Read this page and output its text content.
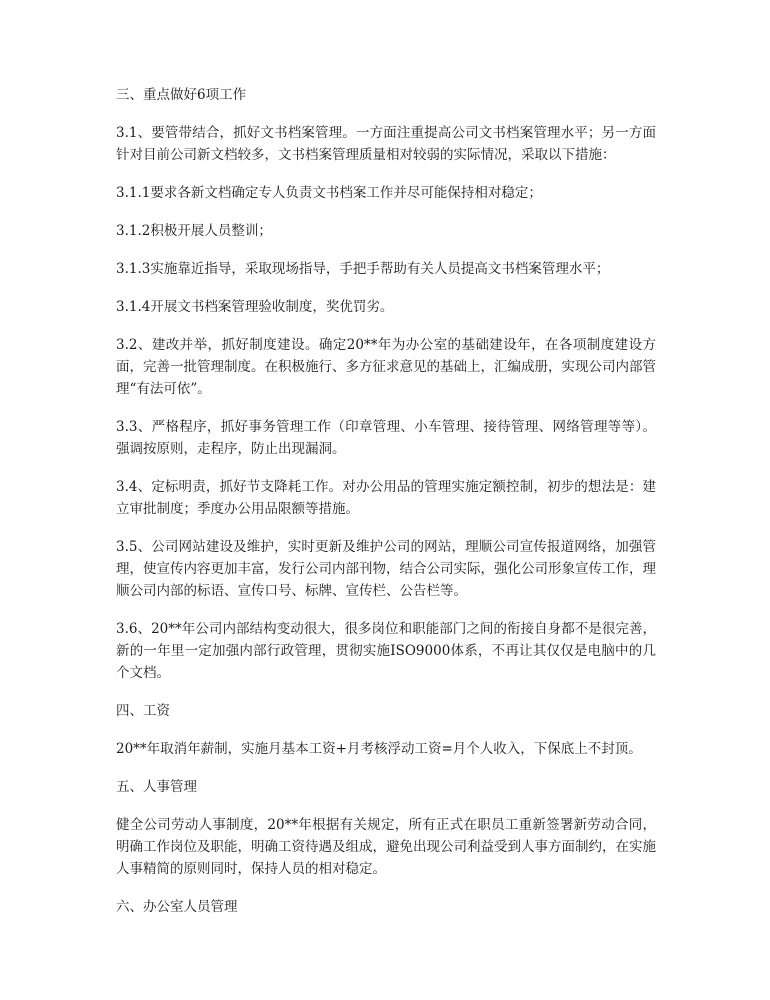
三、重点做好6项工作

3.1、要管带结合，抓好文书档案管理。一方面注重提高公司文书档案管理水平；另一方面针对目前公司新文档较多，文书档案管理质量相对较弱的实际情况，采取以下措施：

3.1.1要求各新文档确定专人负责文书档案工作并尽可能保持相对稳定；

3.1.2积极开展人员整训；

3.1.3实施靠近指导，采取现场指导，手把手帮助有关人员提高文书档案管理水平；

3.1.4开展文书档案管理验收制度，奖优罚劣。

3.2、建改并举，抓好制度建设。确定20**年为办公室的基础建设年，在各项制度建设方面，完善一批管理制度。在积极施行、多方征求意见的基础上，汇编成册，实现公司内部管理“有法可依”。

3.3、严格程序，抓好事务管理工作（印章管理、小车管理、接待管理、网络管理等等）。强调按原则，走程序，防止出现漏洞。

3.4、定标明责，抓好节支降耗工作。对办公用品的管理实施定额控制，初步的想法是：建立审批制度；季度办公用品限额等措施。

3.5、公司网站建设及维护，实时更新及维护公司的网站，理顺公司宣传报道网络，加强管理，使宣传内容更加丰富，发行公司内部刊物，结合公司实际，强化公司形象宣传工作，理顺公司内部的标语、宣传口号、标牌、宣传栏、公告栏等。

3.6、20**年公司内部结构变动很大，很多岗位和职能部门之间的衔接自身都不是很完善，新的一年里一定加强内部行政管理，贯彻实施ISO9000体系，不再让其仅仅是电脑中的几个文档。

四、工资

20**年取消年薪制，实施月基本工资+月考核浮动工资=月个人收入，下保底上不封顶。

五、人事管理

健全公司劳动人事制度，20**年根据有关规定，所有正式在职员工重新签署新劳动合同，明确工作岗位及职能，明确工资待遇及组成，避免出现公司利益受到人事方面制约，在实施人事精简的原则同时，保持人员的相对稳定。

六、办公室人员管理
